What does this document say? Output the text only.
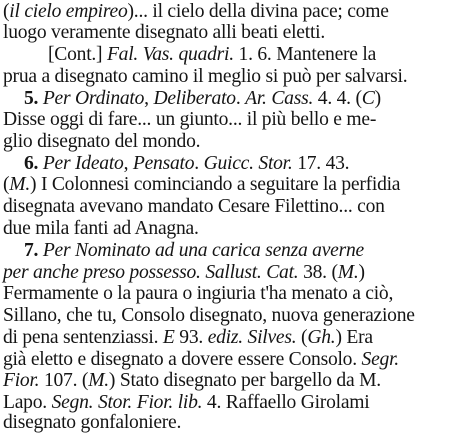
(il cielo empireo)... il cielo della divina pace; come
luogo veramente disegnato alli beati eletti.
[Cont.] Fal. Vas. quadri. 1. 6. Mantenere la
prua a disegnato camino il meglio si può per salvarsi.
5. Per Ordinato, Deliberato. Ar. Cass. 4. 4. (C)
Disse oggi di fare... un giunto... il più bello e me-
glio disegnato del mondo.
6. Per Ideato, Pensato. Guicc. Stor. 17. 43.
(M.) I Colonnesi cominciando a seguitare la perfidia
disegnata avevano mandato Cesare Filettino... con
due mila fanti ad Anagna.
7. Per Nominato ad una carica senza averne
per anche preso possesso. Sallust. Cat. 38. (M.)
Fermamente o la paura o ingiuria t'ha menato a ciò,
Sillano, che tu, Consolo disegnato, nuova generazione
di pena sentenziassi. E 93. ediz. Silves. (Gh.) Era
già eletto e disegnato a dovere essere Consolo. Segr.
Fior. 107. (M.) Stato disegnato per bargello da M.
Lapo. Segn. Stor. Fior. lib. 4. Raffaello Girolami
disegnato gonfaloniere.
